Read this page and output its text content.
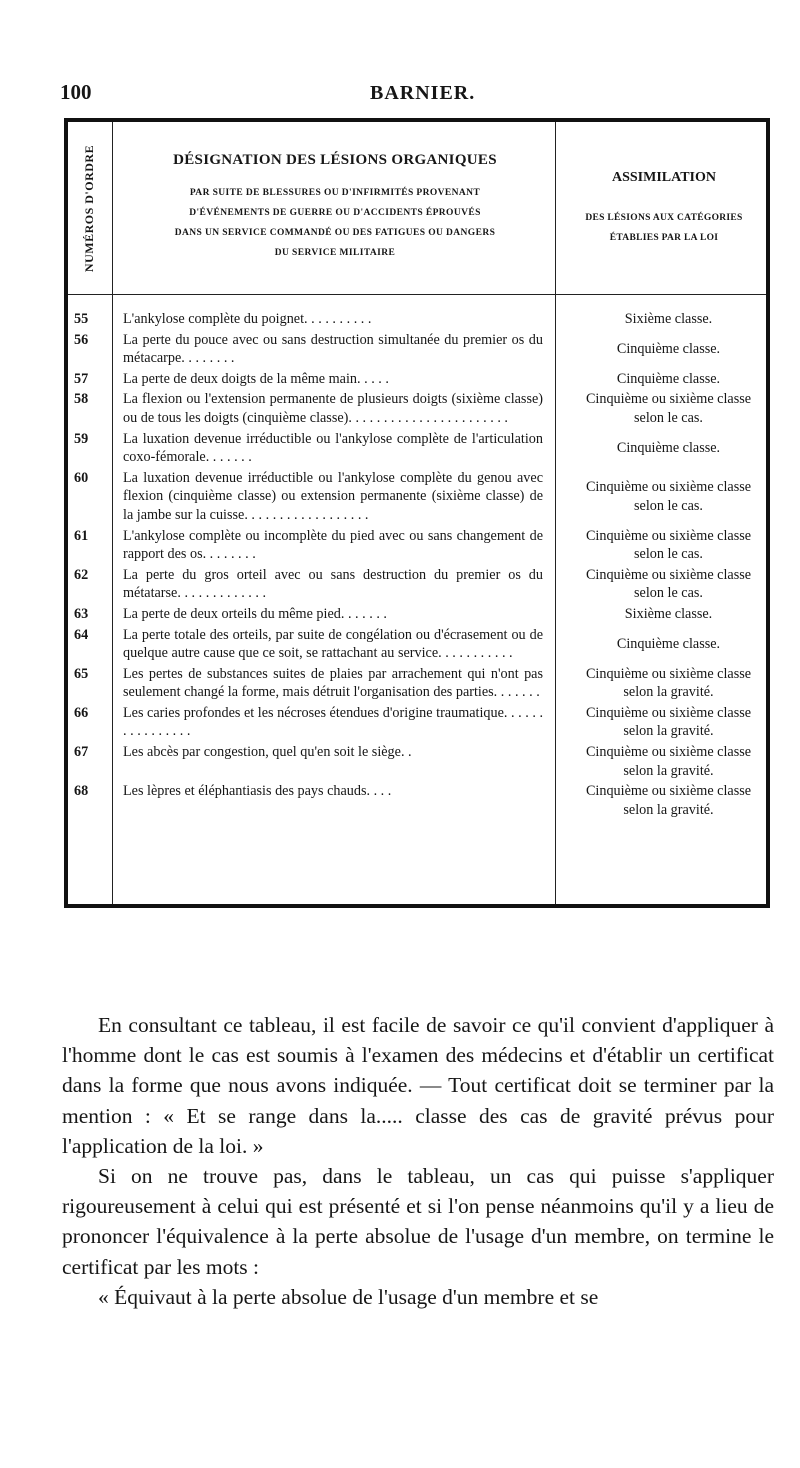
100	BARNIER.
NUMÉROS D'ORDRE	DÉSIGNATION DES LÉSIONS ORGANIQUES
PAR SUITE DE BLESSURES OU D'INFIRMITÉS PROVENANT
D'ÉVÉNEMENTS DE GUERRE OU D'ACCIDENTS ÉPROUVÉS
DANS UN SERVICE COMMANDÉ OU DES FATIGUES OU DANGERS
DU SERVICE MILITAIRE
ASSIMILATION
DES LÉSIONS AUX CATÉGORIES
ÉTABLIES PAR LA LOI
55	L'ankylose complète du poignet. . . . . . . . . .	Sixième classe.
56	La perte du pouce avec ou sans destruction simultanée du premier os du métacarpe. . . . . . . .
Cinquième classe.
57	La perte de deux doigts de la même main. . . . .	Cinquième classe.
58	La flexion ou l'extension permanente de plusieurs doigts (sixième classe) ou de tous les doigts (cinquième classe). . . . . . . . . . . . . . . . . . . . . . .
Cinquième ou sixième classe selon le cas.
59	La luxation devenue irréductible ou l'ankylose complète de l'articulation coxo-fémorale. . . . . . .
Cinquième classe.
60	La luxation devenue irréductible ou l'ankylose complète du genou avec flexion (cinquième classe) ou extension permanente (sixième classe) de la jambe sur la cuisse. . . . . . . . . . . . . . . . . .
Cinquième ou sixième classe selon le cas.
61	L'ankylose complète ou incomplète du pied avec ou sans changement de rapport des os. . . . . . . .
Cinquième ou sixième classe selon le cas.
62	La perte du gros orteil avec ou sans destruction du premier os du métatarse. . . . . . . . . . . . .
Cinquième ou sixième classe selon le cas.
63	La perte de deux orteils du même pied. . . . . . .	Sixième classe.
64	La perte totale des orteils, par suite de congélation ou d'écrasement ou de quelque autre cause que ce soit, se rattachant au service. . . . . . . . . . .
Cinquième classe.
65	Les pertes de substances suites de plaies par arrachement qui n'ont pas seulement changé la forme, mais détruit l'organisation des parties. . . . . . .
Cinquième ou sixième classe selon la gravité.
66	Les caries profondes et les nécroses étendues d'origine traumatique. . . . . . . . . . . . . . . .
Cinquième ou sixième classe selon la gravité.
67	Les abcès par congestion, quel qu'en soit le siège. .	Cinquième ou sixième classe selon la gravité.
68	Les lèpres et éléphantiasis des pays chauds. . . .	Cinquième ou sixième classe selon la gravité.

En consultant ce tableau, il est facile de savoir ce qu'il convient d'appliquer à l'homme dont le cas est soumis à l'examen des médecins et d'établir un certificat dans la forme que nous avons indiquée. — Tout certificat doit se terminer par la mention : « Et se range dans la..... classe des cas de gravité prévus pour l'application de la loi. »

Si on ne trouve pas, dans le tableau, un cas qui puisse s'appliquer rigoureusement à celui qui est présenté et si l'on pense néanmoins qu'il y a lieu de prononcer l'équivalence à la perte absolue de l'usage d'un membre, on termine le certificat par les mots :

« Équivaut à la perte absolue de l'usage d'un membre et se
